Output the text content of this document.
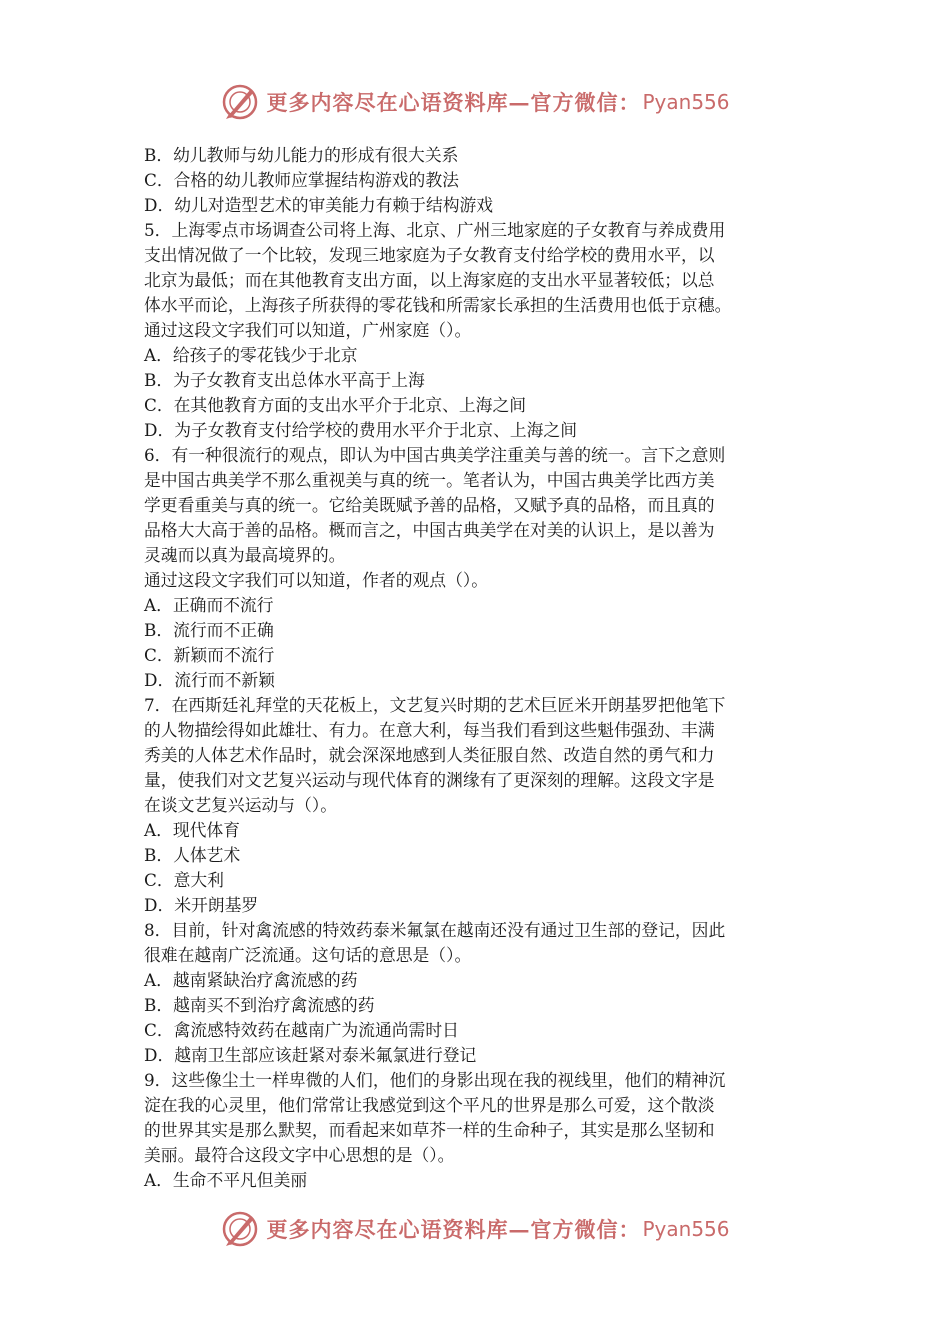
更多内容尽在心语资料库—官方微信： Pyan556
B．幼儿教师与幼儿能力的形成有很大关系
C．合格的幼儿教师应掌握结构游戏的教法
D．幼儿对造型艺术的审美能力有赖于结构游戏
5．上海零点市场调查公司将上海、北京、广州三地家庭的子女教育与养成费用
支出情况做了一个比较，发现三地家庭为子女教育支付给学校的费用水平，以
北京为最低；而在其他教育支出方面，以上海家庭的支出水平显著较低；以总
体水平而论，上海孩子所获得的零花钱和所需家长承担的生活费用也低于京穗。
通过这段文字我们可以知道，广州家庭（）。
A．给孩子的零花钱少于北京
B．为子女教育支出总体水平高于上海
C．在其他教育方面的支出水平介于北京、上海之间
D．为子女教育支付给学校的费用水平介于北京、上海之间
6．有一种很流行的观点，即认为中国古典美学注重美与善的统一。言下之意则
是中国古典美学不那么重视美与真的统一。笔者认为，中国古典美学比西方美
学更看重美与真的统一。它给美既赋予善的品格，又赋予真的品格，而且真的
品格大大高于善的品格。概而言之，中国古典美学在对美的认识上，是以善为
灵魂而以真为最高境界的。
通过这段文字我们可以知道，作者的观点（）。
A．正确而不流行
B．流行而不正确
C．新颖而不流行
D．流行而不新颖
7．在西斯廷礼拜堂的天花板上，文艺复兴时期的艺术巨匠米开朗基罗把他笔下
的人物描绘得如此雄壮、有力。在意大利，每当我们看到这些魁伟强劲、丰满
秀美的人体艺术作品时，就会深深地感到人类征服自然、改造自然的勇气和力
量，使我们对文艺复兴运动与现代体育的渊缘有了更深刻的理解。这段文字是
在谈文艺复兴运动与（）。
A．现代体育
B．人体艺术
C．意大利
D．米开朗基罗
8．目前，针对禽流感的特效药泰米氟氯在越南还没有通过卫生部的登记，因此
很难在越南广泛流通。这句话的意思是（）。
A．越南紧缺治疗禽流感的药
B．越南买不到治疗禽流感的药
C．禽流感特效药在越南广为流通尚需时日
D．越南卫生部应该赶紧对泰米氟氯进行登记
9．这些像尘土一样卑微的人们，他们的身影出现在我的视线里，他们的精神沉
淀在我的心灵里，他们常常让我感觉到这个平凡的世界是那么可爱，这个散淡
的世界其实是那么默契，而看起来如草芥一样的生命种子，其实是那么坚韧和
美丽。最符合这段文字中心思想的是（）。
A．生命不平凡但美丽
更多内容尽在心语资料库—官方微信： Pyan556
